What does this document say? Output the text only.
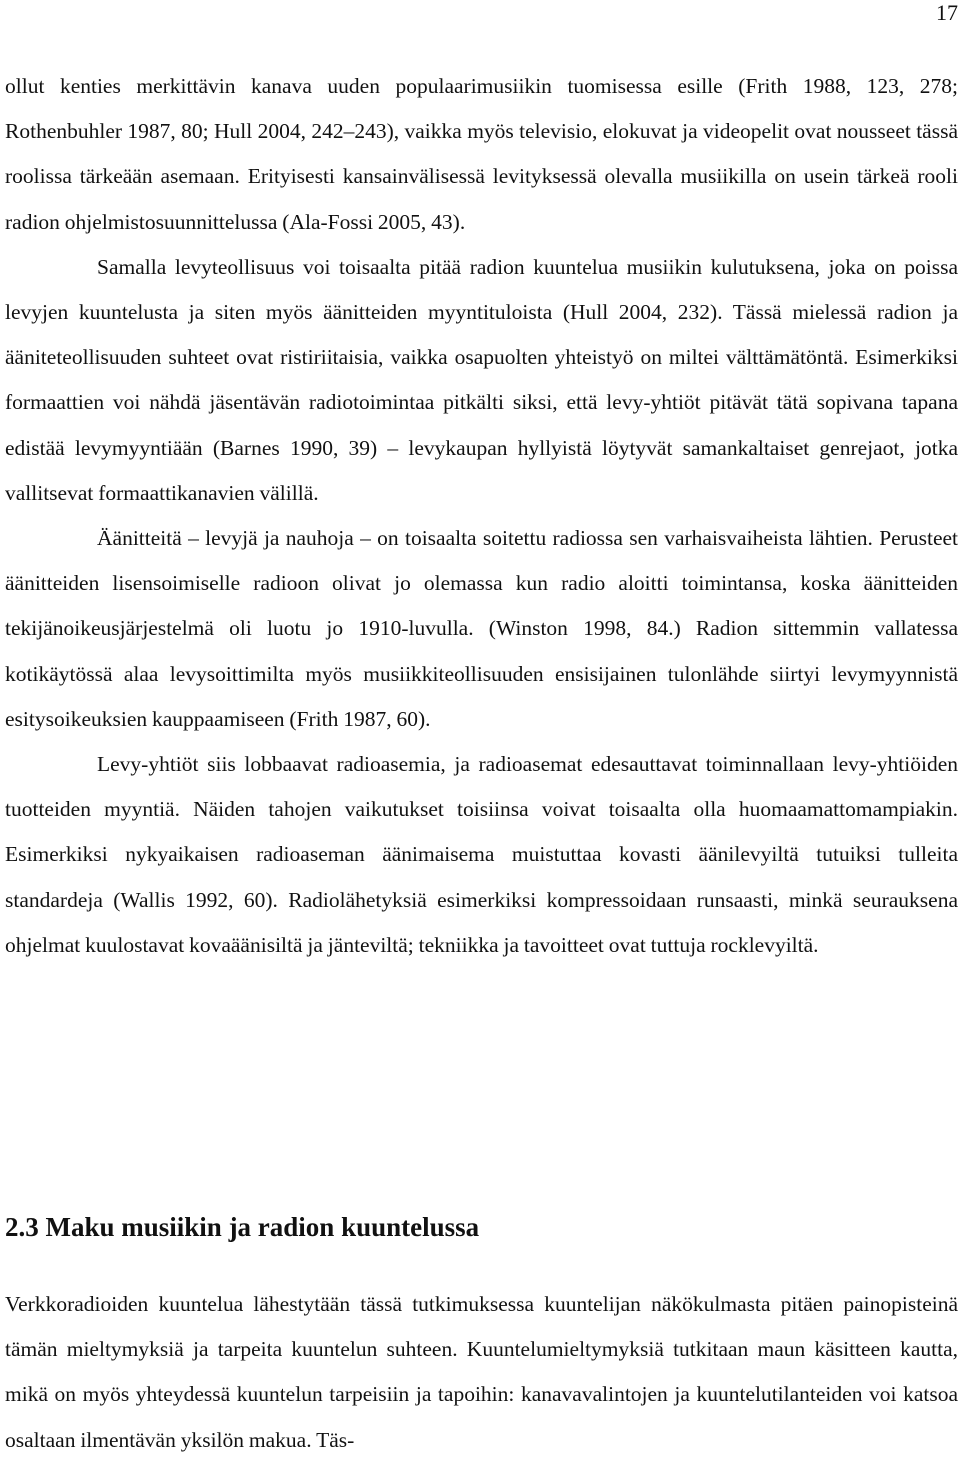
17

ollut kenties merkittävin kanava uuden populaarimusiikin tuomisessa esille (Frith 1988, 123, 278; Rothenbuhler 1987, 80; Hull 2004, 242–243), vaikka myös televisio, elokuvat ja videopelit ovat nousseet tässä roolissa tärkeään asemaan. Erityisesti kansainvälisessä levityksessä olevalla musiikilla on usein tärkeä rooli radion ohjelmistosuunnittelussa (Ala-Fossi 2005, 43).

Samalla levyteollisuus voi toisaalta pitää radion kuuntelua musiikin kulutuksena, joka on poissa levyjen kuuntelusta ja siten myös äänitteiden myyntituloista (Hull 2004, 232). Tässä mielessä radion ja ääniteteollisuuden suhteet ovat ristiriitaisia, vaikka osapuolten yhteistyö on miltei välttämätöntä. Esimerkiksi formaattien voi nähdä jäsentävän radiotoimintaa pitkälti siksi, että levy-yhtiöt pitävät tätä sopivana tapana edistää levymyyntiään (Barnes 1990, 39) – levykaupan hyllyistä löytyvät samankaltaiset genrejaot, jotka vallitsevat formaattikanavien välillä.

Äänitteitä – levyjä ja nauhoja – on toisaalta soitettu radiossa sen varhaisvaiheista lähtien. Perusteet äänitteiden lisensoimiselle radioon olivat jo olemassa kun radio aloitti toimintansa, koska äänitteiden tekijänoikeusjärjestelmä oli luotu jo 1910-luvulla. (Winston 1998, 84.) Radion sittemmin vallatessa kotikäytössä alaa levysoittimilta myös musiikkiteollisuuden ensisijainen tulonlähde siirtyi levymyynnistä esitysoikeuksien kauppaamiseen (Frith 1987, 60).

Levy-yhtiöt siis lobbaavat radioasemia, ja radioasemat edesauttavat toiminnallaan levy-yhtiöiden tuotteiden myyntiä. Näiden tahojen vaikutukset toisiinsa voivat toisaalta olla huomaamattomampiakin. Esimerkiksi nykyaikaisen radioaseman äänimaisema muistuttaa kovasti äänilevyiltä tutuiksi tulleita standardeja (Wallis 1992, 60). Radiolähetyksiä esimerkiksi kompressoidaan runsaasti, minkä seurauksena ohjelmat kuulostavat kovaäänisiltä ja jänteviltä; tekniikka ja tavoitteet ovat tuttuja rocklevyiltä.

2.3 Maku musiikin ja radion kuuntelussa

Verkkoradioiden kuuntelua lähestytään tässä tutkimuksessa kuuntelijan näkökulmasta pitäen painopisteinä tämän mieltymyksiä ja tarpeita kuuntelun suhteen. Kuuntelumieltymyksiä tutkitaan maun käsitteen kautta, mikä on myös yhteydessä kuuntelun tarpeisiin ja tapoihin: kanavavalintojen ja kuuntelutilanteiden voi katsoa osaltaan ilmentävän yksilön makua. Täs-
